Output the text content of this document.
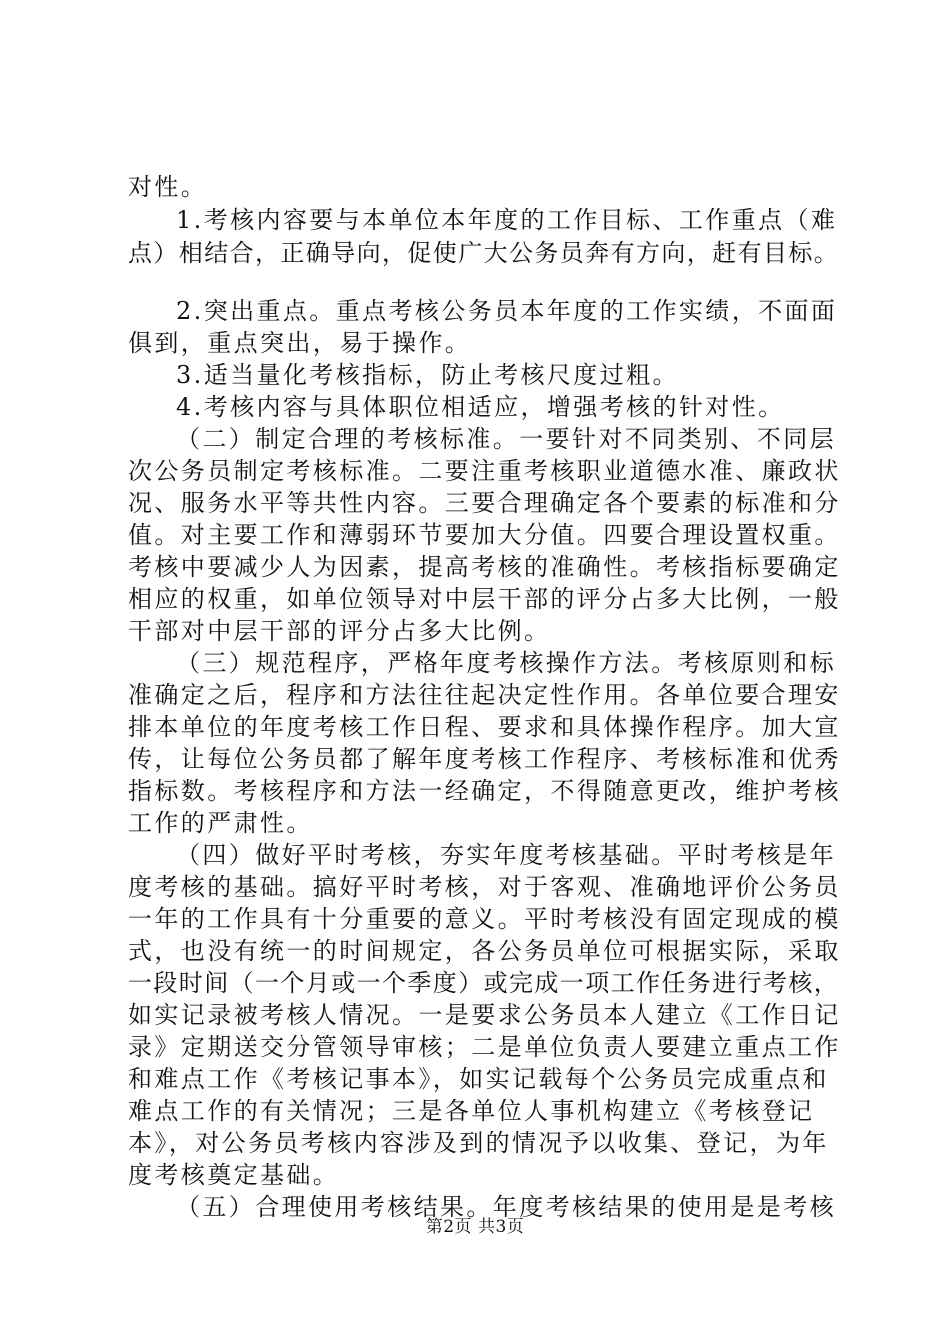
对性。
1.考核内容要与本单位本年度的工作目标、工作重点（难
点）相结合，正确导向，促使广大公务员奔有方向，赶有目标。
2.突出重点。重点考核公务员本年度的工作实绩，不面面
俱到，重点突出，易于操作。
3.适当量化考核指标，防止考核尺度过粗。
4.考核内容与具体职位相适应，增强考核的针对性。
（二）制定合理的考核标准。一要针对不同类别、不同层
次公务员制定考核标准。二要注重考核职业道德水准、廉政状
况、服务水平等共性内容。三要合理确定各个要素的标准和分
值。对主要工作和薄弱环节要加大分值。四要合理设置权重。
考核中要减少人为因素，提高考核的准确性。考核指标要确定
相应的权重，如单位领导对中层干部的评分占多大比例，一般
干部对中层干部的评分占多大比例。
（三）规范程序，严格年度考核操作方法。考核原则和标
准确定之后，程序和方法往往起决定性作用。各单位要合理安
排本单位的年度考核工作日程、要求和具体操作程序。加大宣
传，让每位公务员都了解年度考核工作程序、考核标准和优秀
指标数。考核程序和方法一经确定，不得随意更改，维护考核
工作的严肃性。
（四）做好平时考核，夯实年度考核基础。平时考核是年
度考核的基础。搞好平时考核，对于客观、准确地评价公务员
一年的工作具有十分重要的意义。平时考核没有固定现成的模
式，也没有统一的时间规定，各公务员单位可根据实际，采取
一段时间（一个月或一个季度）或完成一项工作任务进行考核，
如实记录被考核人情况。一是要求公务员本人建立《工作日记
录》定期送交分管领导审核；二是单位负责人要建立重点工作
和难点工作《考核记事本》，如实记载每个公务员完成重点和
难点工作的有关情况；三是各单位人事机构建立《考核登记
本》，对公务员考核内容涉及到的情况予以收集、登记，为年
度考核奠定基础。
（五）合理使用考核结果。年度考核结果的使用是是考核
第2页 共3页
